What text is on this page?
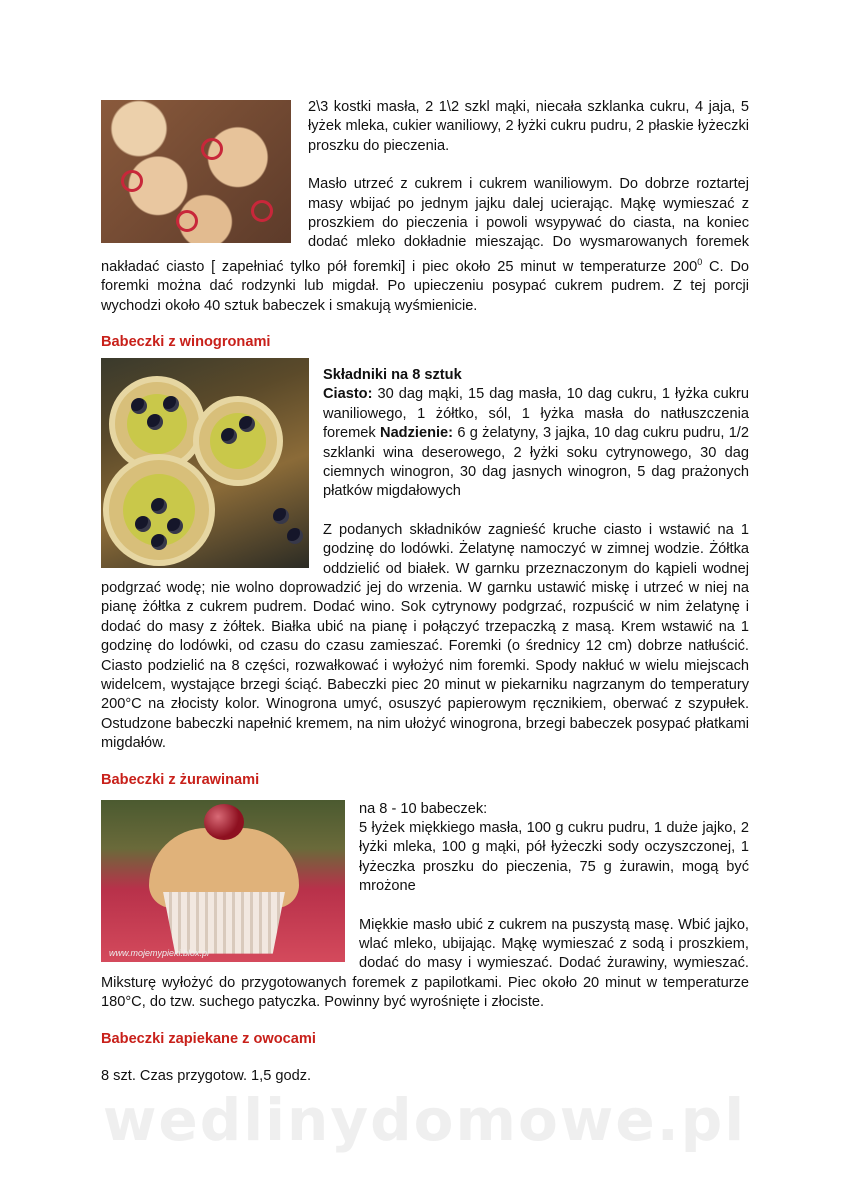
2\3 kostki masła, 2 1\2 szkl mąki, niecała szklanka cukru, 4 jaja, 5 łyżek mleka, cukier waniliowy, 2 łyżki cukru pudru, 2 płaskie łyżeczki proszku do pieczenia.

Masło utrzeć z cukrem i cukrem waniliowym. Do dobrze roztartej masy wbijać po jednym jajku dalej ucierając. Mąkę wymieszać z proszkiem do pieczenia i powoli wsypywać do ciasta, na koniec dodać mleko dokładnie mieszając. Do wysmarowanych foremek nakładać ciasto [ zapełniać tylko pół foremki] i piec około 25 minut w temperaturze $200^0$ C. Do foremki można dać rodzynki lub migdał. Po upieczeniu posypać cukrem pudrem. Z tej porcji wychodzi około 40 sztuk babeczek i smakują wyśmienicie.

Babeczki z winogronami

Składniki na 8 sztuk

Ciasto: 30 dag mąki, 15 dag masła, 10 dag cukru, 1 łyżka cukru waniliowego, 1 żółtko, sól, 1 łyżka masła do natłuszczenia foremek Nadzienie: 6 g żelatyny, 3 jajka, 10 dag cukru pudru, 1/2 szklanki wina deserowego, 2 łyżki soku cytrynowego, 30 dag ciemnych winogron, 30 dag jasnych winogron, 5 dag prażonych płatków migdałowych

Z podanych składników zagnieść kruche ciasto i wstawić na 1 godzinę do lodówki. Żelatynę namoczyć w zimnej wodzie. Żółtka oddzielić od białek. W garnku przeznaczonym do kąpieli wodnej podgrzać wodę; nie wolno doprowadzić jej do wrzenia. W garnku ustawić miskę i utrzeć w niej na pianę żółtka z cukrem pudrem. Dodać wino. Sok cytrynowy podgrzać, rozpuścić w nim żelatynę i dodać do masy z żółtek. Białka ubić na pianę i połączyć trzepaczką z masą. Krem wstawić na 1 godzinę do lodówki, od czasu do czasu zamieszać. Foremki (o średnicy 12 cm) dobrze natłuścić. Ciasto podzielić na 8 części, rozwałkować i wyłożyć nim foremki. Spody nakłuć w wielu miejscach widelcem, wystające brzegi ściąć. Babeczki piec 20 minut w piekarniku nagrzanym do temperatury 200°C na złocisty kolor. Winogrona umyć, osuszyć papierowym ręcznikiem, oberwać z szypułek. Ostudzone babeczki napełnić kremem, na nim ułożyć winogrona, brzegi babeczek posypać płatkami migdałów.

Babeczki z żurawinami
www.mojemypieki.blox.pl

na 8 - 10 babeczek:

5 łyżek miękkiego masła, 100 g cukru pudru, 1 duże jajko, 2 łyżki mleka, 100 g mąki, pół łyżeczki sody oczyszczonej, 1 łyżeczka proszku do pieczenia, 75 g żurawin, mogą być mrożone

Miękkie masło ubić z cukrem na puszystą masę. Wbić jajko, wlać mleko, ubijając. Mąkę wymieszać z sodą i proszkiem, dodać do masy i wymieszać. Dodać żurawiny, wymieszać. Miksturę wyłożyć do przygotowanych foremek z papilotkami. Piec około 20 minut w temperaturze 180°C, do tzw. suchego patyczka. Powinny być wyrośnięte i złociste.

Babeczki zapiekane z owocami

8 szt. Czas przygotow. 1,5 godz.

wedlinydomowe.pl
